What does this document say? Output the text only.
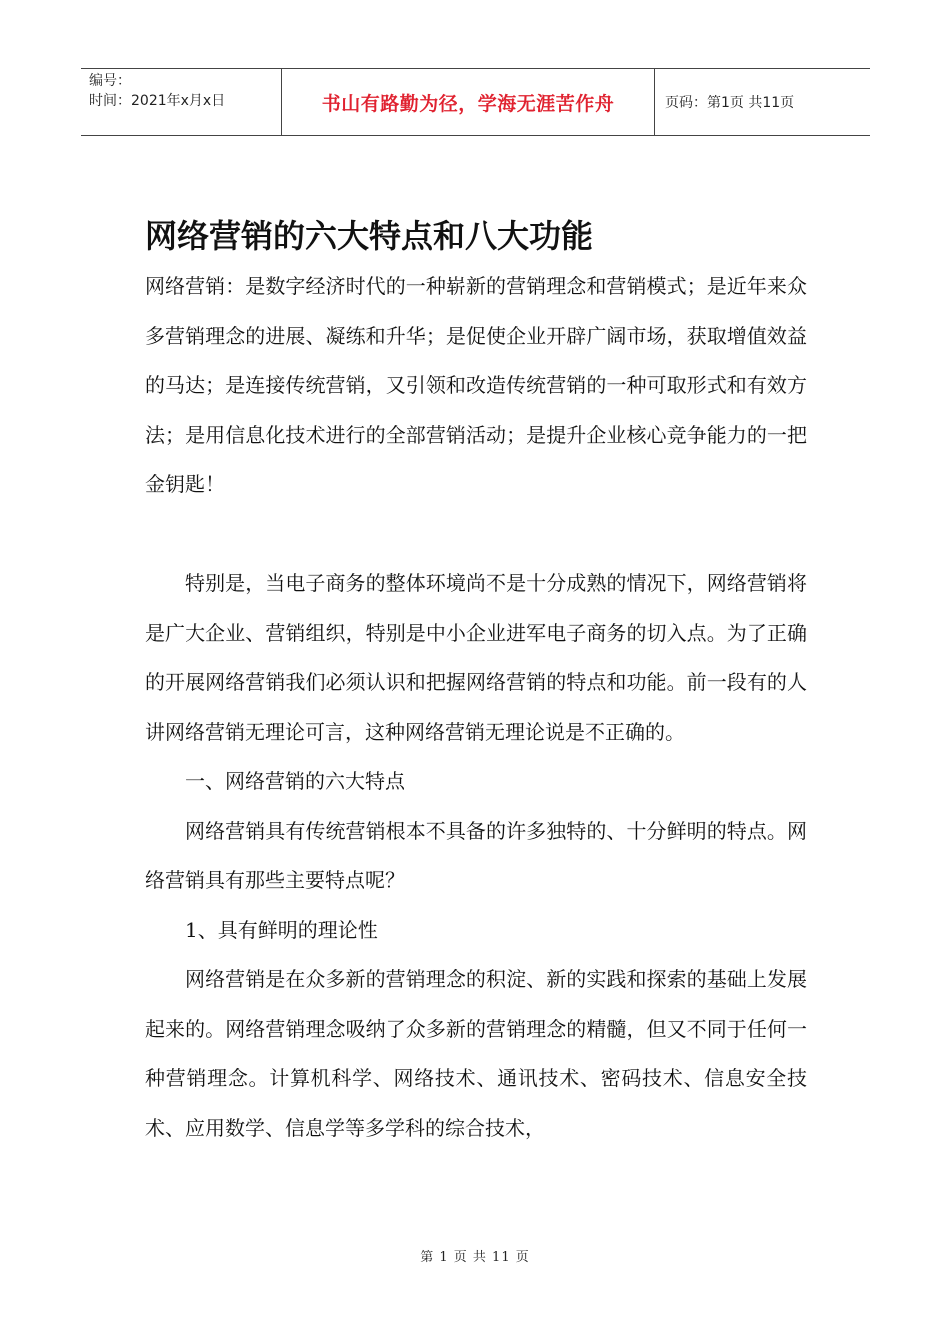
编号：
时间：2021年x月x日	书山有路勤为径，学海无涯苦作舟	页码：第1页 共11页
网络营销的六大特点和八大功能

网络营销：是数字经济时代的一种崭新的营销理念和营销模式；是近年来众多营销理念的进展、凝练和升华；是促使企业开辟广阔市场，获取增值效益的马达；是连接传统营销，又引领和改造传统营销的一种可取形式和有效方法；是用信息化技术进行的全部营销活动；是提升企业核心竞争能力的一把金钥匙！

特别是，当电子商务的整体环境尚不是十分成熟的情况下，网络营销将是广大企业、营销组织，特别是中小企业进军电子商务的切入点。为了正确的开展网络营销我们必须认识和把握网络营销的特点和功能。前一段有的人讲网络营销无理论可言，这种网络营销无理论说是不正确的。

一、网络营销的六大特点

网络营销具有传统营销根本不具备的许多独特的、十分鲜明的特点。网络营销具有那些主要特点呢？

1、具有鲜明的理论性

网络营销是在众多新的营销理念的积淀、新的实践和探索的基础上发展起来的。网络营销理念吸纳了众多新的营销理念的精髓，但又不同于任何一种营销理念。计算机科学、网络技术、通讯技术、密码技术、信息安全技术、应用数学、信息学等多学科的综合技术，

第 1 页 共 11 页
